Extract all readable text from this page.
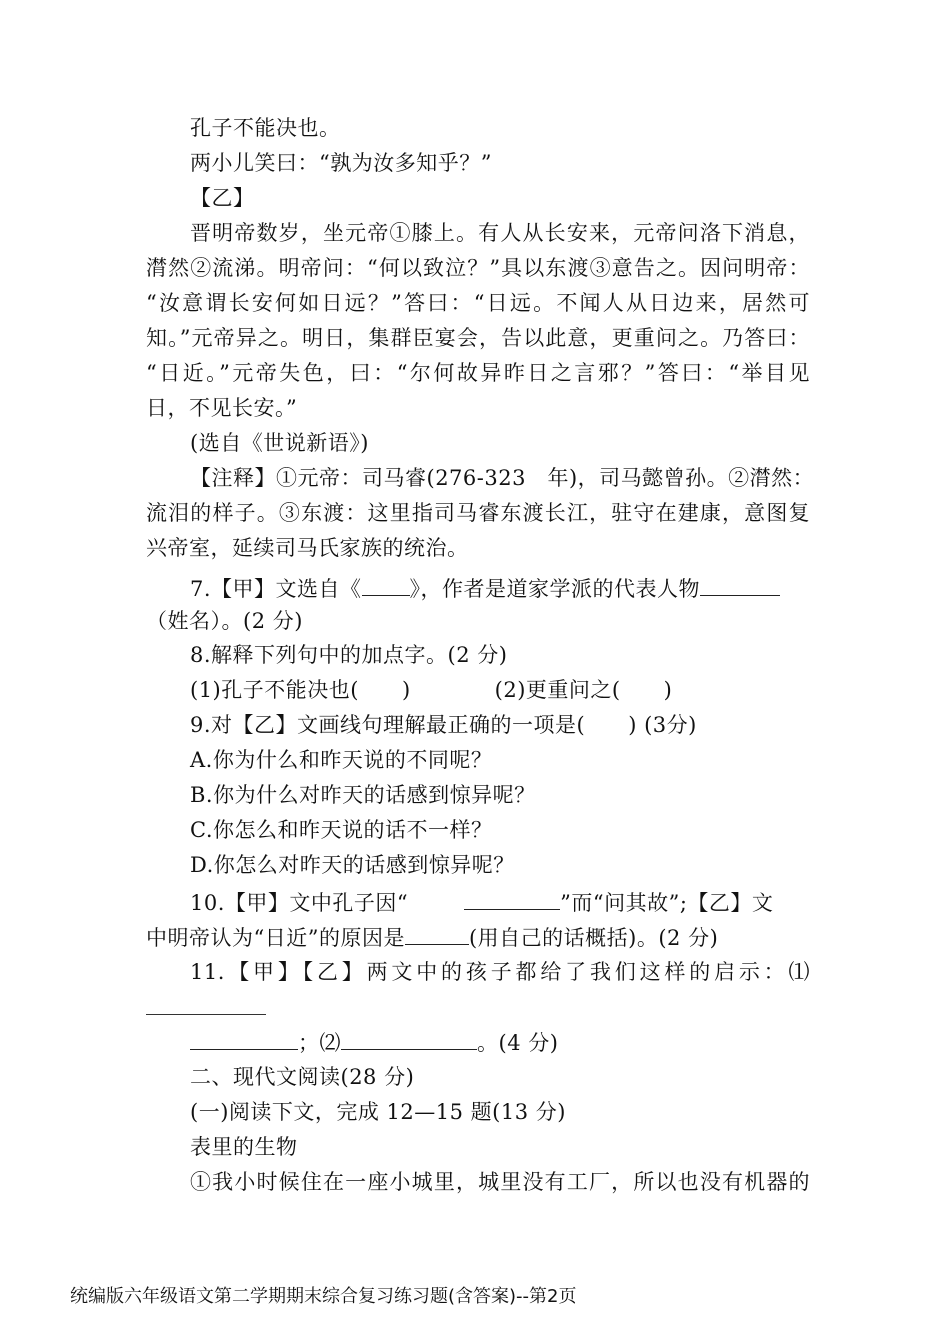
孔子不能决也。
两小儿笑曰：“孰为汝多知乎？”
【乙】
晋明帝数岁，坐元帝①膝上。有人从长安来，元帝问洛下消息，
潸然②流涕。明帝问：“何以致泣？”具以东渡③意告之。因问明帝：
“汝意谓长安何如日远？”答曰：“日远。不闻人从日边来，居然可
知。”元帝异之。明日，集群臣宴会，告以此意，更重问之。乃答曰：
“日近。”元帝失色，曰：“尔何故异昨日之言邪？”答曰：“举目见
日，不见长安。”
(选自《世说新语》)
【注释】①元帝：司马睿(276-323　年)，司马懿曾孙。②潸然：
流泪的样子。③东渡：这里指司马睿东渡长江，驻守在建康，意图复
兴帝室，延续司马氏家族的统治。
7.【甲】文选自《 》，作者是道家学派的代表人物
（姓名）。(2 分)
8.解释下列句中的加点字。(2 分)
(1)孔子不能决也(　　)	(2)更重问之(　　)
9.对【乙】文画线句理解最正确的一项是(　　) (3分)
A.你为什么和昨天说的不同呢？
B.你为什么对昨天的话感到惊异呢？
C.你怎么和昨天说的话不一样？
D.你怎么对昨天的话感到惊异呢？
10.【甲】文中孔子因“	”而“问其故”;【乙】文
中明帝认为“日近”的原因是	(用自己的话概括)。(2 分)
11.【甲】【乙】两文中的孩子都给了我们这样的启示：⑴
；⑵	。(4 分)
二、现代文阅读(28 分)
(一)阅读下文，完成 12—15 题(13 分)
表里的生物
①我小时候住在一座小城里，城里没有工厂，所以也没有机器的
统编版六年级语文第二学期期末综合复习练习题(含答案)--第2页
